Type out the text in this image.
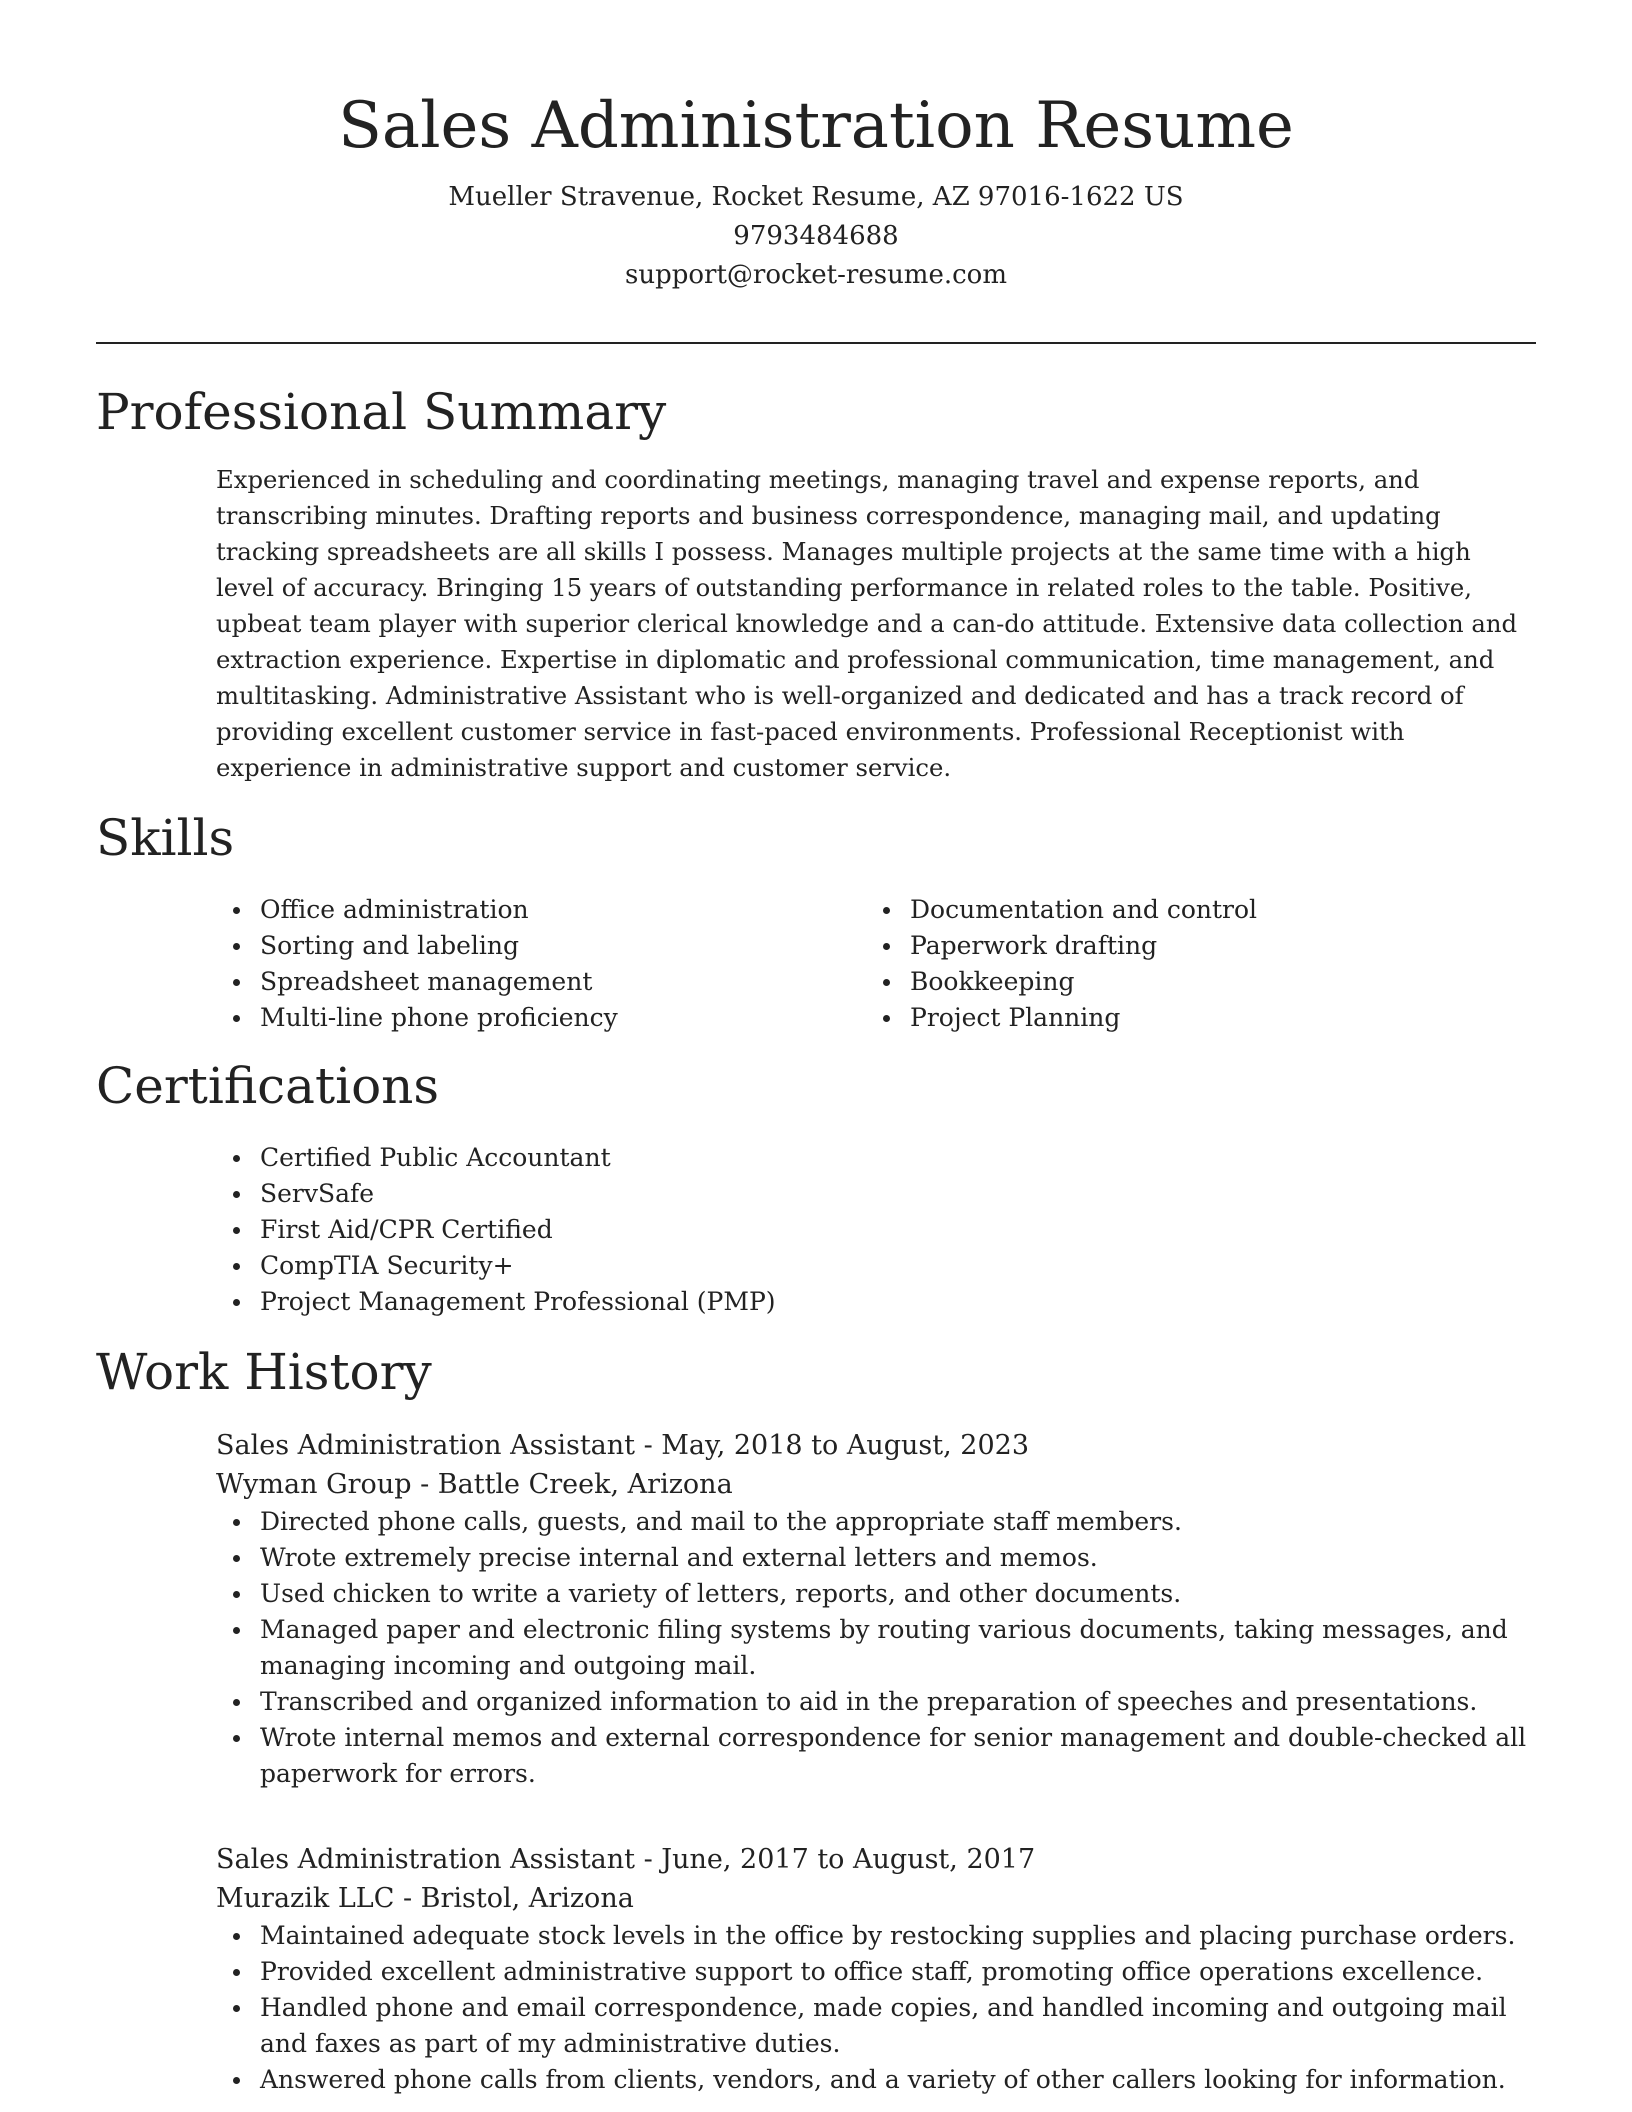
Sales Administration Resume
Mueller Stravenue, Rocket Resume, AZ 97016-1622 US
9793484688
support@rocket-resume.com
Professional Summary

Experienced in scheduling and coordinating meetings, managing travel and expense reports, and transcribing minutes. Drafting reports and business correspondence, managing mail, and updating tracking spreadsheets are all skills I possess. Manages multiple projects at the same time with a high level of accuracy. Bringing 15 years of outstanding performance in related roles to the table. Positive, upbeat team player with superior clerical knowledge and a can-do attitude. Extensive data collection and extraction experience. Expertise in diplomatic and professional communication, time management, and multitasking. Administrative Assistant who is well-organized and dedicated and has a track record of providing excellent customer service in fast-paced environments. Professional Receptionist with experience in administrative support and customer service.

Skills
Office administration
Sorting and labeling
Spreadsheet management
Multi-line phone proficiency
Documentation and control
Paperwork drafting
Bookkeeping
Project Planning
Certifications
Certified Public Accountant
ServSafe
First Aid/CPR Certified
CompTIA Security+
Project Management Professional (PMP)
Work History
Sales Administration Assistant - May, 2018 to August, 2023
Wyman Group - Battle Creek, Arizona
Directed phone calls, guests, and mail to the appropriate staff members.
Wrote extremely precise internal and external letters and memos.
Used chicken to write a variety of letters, reports, and other documents.
Managed paper and electronic filing systems by routing various documents, taking messages, and managing incoming and outgoing mail.
Transcribed and organized information to aid in the preparation of speeches and presentations.
Wrote internal memos and external correspondence for senior management and double-checked all paperwork for errors.
Sales Administration Assistant - June, 2017 to August, 2017
Murazik LLC - Bristol, Arizona
Maintained adequate stock levels in the office by restocking supplies and placing purchase orders.
Provided excellent administrative support to office staff, promoting office operations excellence.
Handled phone and email correspondence, made copies, and handled incoming and outgoing mail and faxes as part of my administrative duties.
Answered phone calls from clients, vendors, and a variety of other callers looking for information.
